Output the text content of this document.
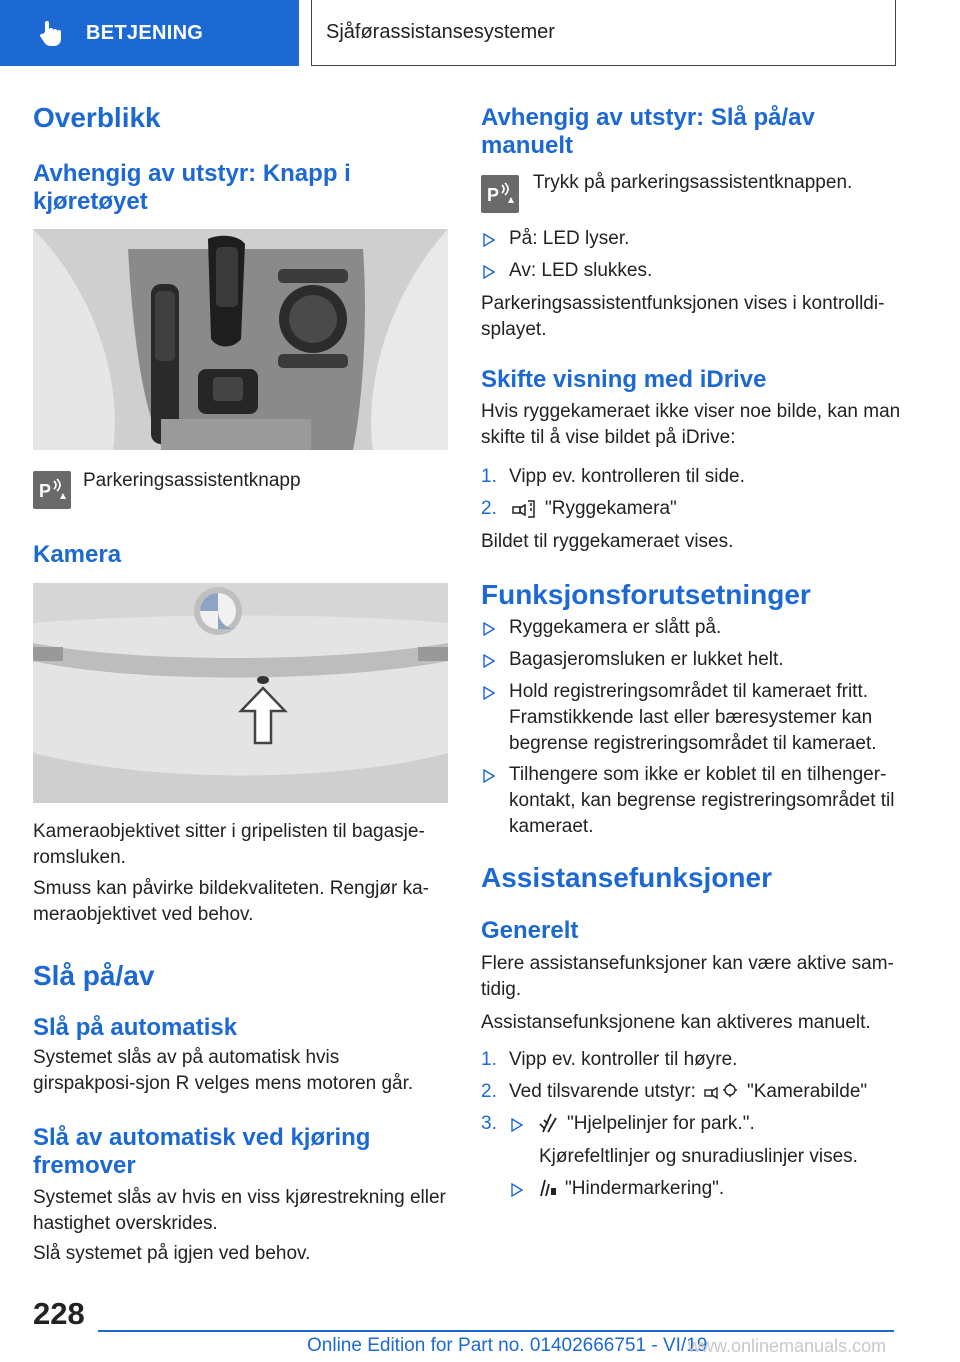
BETJENING	Sjåførassistansesystemer
Overblikk
Avhengig av utstyr: Knapp i kjøretøyet
P Parkeringsassistentknapp
Kamera
Kameraobjektivet sitter i gripelisten til bagasje-romsluken.
Smuss kan påvirke bildekvaliteten. Rengjør ka-meraobjektivet ved behov.
Slå på/av
Slå på automatisk
Systemet slås av på automatisk hvis girspakposi-sjon R velges mens motoren går.
Slå av automatisk ved kjøring fremover
Systemet slås av hvis en viss kjørestrekning eller hastighet overskrides.
Slå systemet på igjen ved behov.
Avhengig av utstyr: Slå på/av manuelt
P
Trykk på parkeringsassistentknappen.
På: LED lyser.
Av: LED slukkes.
Parkeringsassistentfunksjonen vises i kontrolldi-splayet.
Skifte visning med iDrive
Hvis ryggekameraet ikke viser noe bilde, kan man skifte til å vise bildet på iDrive:
1. Vipp ev. kontrolleren til side.
2.	"Ryggekamera"
Bildet til ryggekameraet vises.
Funksjonsforutsetninger
Ryggekamera er slått på.
Bagasjeromsluken er lukket helt.
Hold registreringsområdet til kameraet fritt. Framstikkende last eller bæresystemer kan begrense registreringsområdet til kameraet.
Tilhengere som ikke er koblet til en tilhenger-kontakt, kan begrense registreringsområdet til kameraet.
Assistansefunksjoner
Generelt
Flere assistansefunksjoner kan være aktive sam-tidig.
Assistansefunksjonene kan aktiveres manuelt.
1. Vipp ev. kontroller til høyre.
2. Ved tilsvarende utstyr:	"Kamerabilde"
3.	"Hjelpelinjer for park.".
Kjørefeltlinjer og snuradiuslinjer vises.
"Hindermarkering".
228
Online Edition for Part no. 01402666751 - VI/19
www.onlinemanuals.com
